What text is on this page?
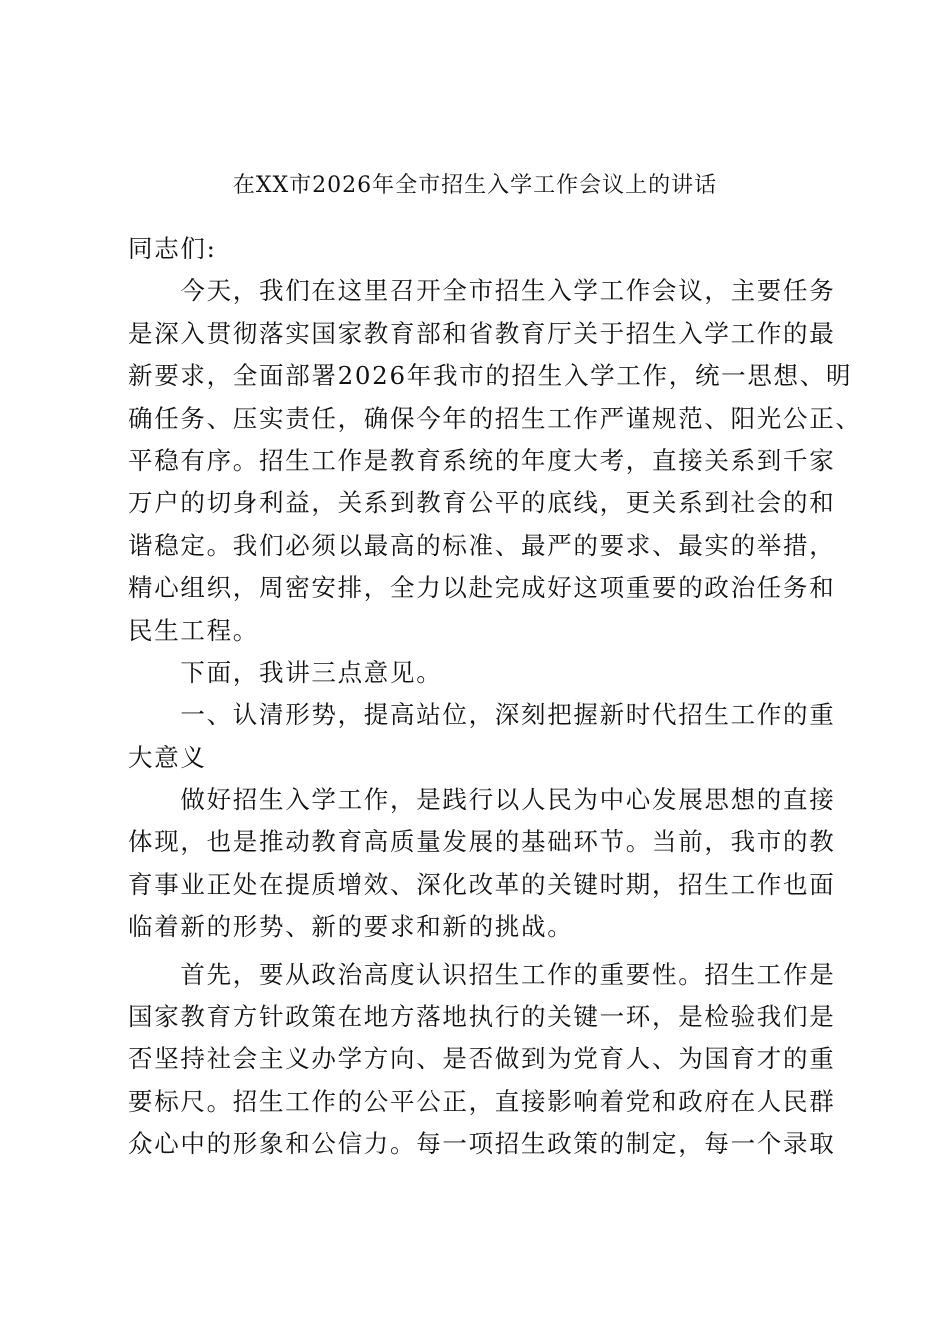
在XX市2026年全市招生入学工作会议上的讲话
同志们:
　　今天，我们在这里召开全市招生入学工作会议，主要任务
是深入贯彻落实国家教育部和省教育厅关于招生入学工作的最
新要求，全面部署2026年我市的招生入学工作，统一思想、明
确任务、压实责任，确保今年的招生工作严谨规范、阳光公正、
平稳有序。招生工作是教育系统的年度大考，直接关系到千家
万户的切身利益，关系到教育公平的底线，更关系到社会的和
谐稳定。我们必须以最高的标准、最严的要求、最实的举措，
精心组织，周密安排，全力以赴完成好这项重要的政治任务和
民生工程。
　　下面，我讲三点意见。
　　一、认清形势，提高站位，深刻把握新时代招生工作的重
大意义
　　做好招生入学工作，是践行以人民为中心发展思想的直接
体现，也是推动教育高质量发展的基础环节。当前，我市的教
育事业正处在提质增效、深化改革的关键时期，招生工作也面
临着新的形势、新的要求和新的挑战。
　　首先，要从政治高度认识招生工作的重要性。招生工作是
国家教育方针政策在地方落地执行的关键一环，是检验我们是
否坚持社会主义办学方向、是否做到为党育人、为国育才的重
要标尺。招生工作的公平公正，直接影响着党和政府在人民群
众心中的形象和公信力。每一项招生政策的制定，每一个录取
